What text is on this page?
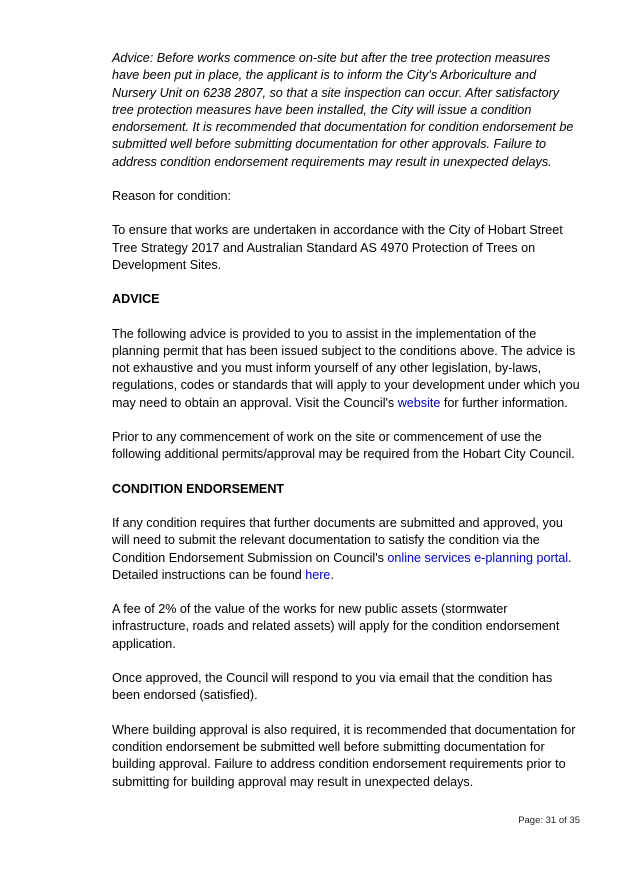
Advice: Before works commence on-site but after the tree protection measures have been put in place, the applicant is to inform the City's Arboriculture and Nursery Unit on 6238 2807, so that a site inspection can occur. After satisfactory tree protection measures have been installed, the City will issue a condition endorsement. It is recommended that documentation for condition endorsement be submitted well before submitting documentation for other approvals. Failure to address condition endorsement requirements may result in unexpected delays.

Reason for condition:

To ensure that works are undertaken in accordance with the City of Hobart Street Tree Strategy 2017 and Australian Standard AS 4970 Protection of Trees on Development Sites.

ADVICE

The following advice is provided to you to assist in the implementation of the planning permit that has been issued subject to the conditions above. The advice is not exhaustive and you must inform yourself of any other legislation, by-laws, regulations, codes or standards that will apply to your development under which you may need to obtain an approval. Visit the Council's website for further information.

Prior to any commencement of work on the site or commencement of use the following additional permits/approval may be required from the Hobart City Council.

CONDITION ENDORSEMENT

If any condition requires that further documents are submitted and approved, you will need to submit the relevant documentation to satisfy the condition via the Condition Endorsement Submission on Council's online services e-planning portal. Detailed instructions can be found here.

A fee of 2% of the value of the works for new public assets (stormwater infrastructure, roads and related assets) will apply for the condition endorsement application.

Once approved, the Council will respond to you via email that the condition has been endorsed (satisfied).

Where building approval is also required, it is recommended that documentation for condition endorsement be submitted well before submitting documentation for building approval. Failure to address condition endorsement requirements prior to submitting for building approval may result in unexpected delays.

Page: 31 of 35
